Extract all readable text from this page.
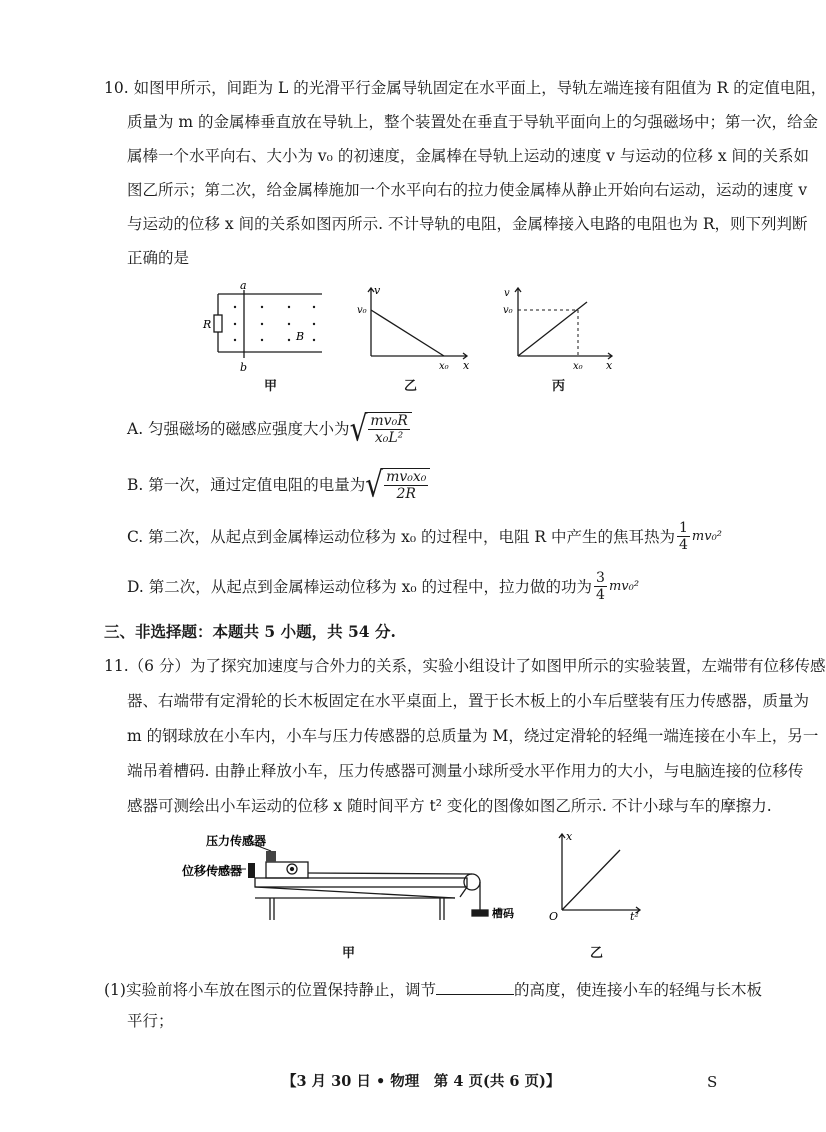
10. 如图甲所示，间距为 L 的光滑平行金属导轨固定在水平面上，导轨左端连接有阻值为 R 的定值电阻，
质量为 m 的金属棒垂直放在导轨上，整个装置处在垂直于导轨平面向上的匀强磁场中；第一次，给金
属棒一个水平向右、大小为 v₀ 的初速度，金属棒在导轨上运动的速度 v 与运动的位移 x 间的关系如
图乙所示；第二次，给金属棒施加一个水平向右的拉力使金属棒从静止开始向右运动，运动的速度 v
与运动的位移 x 间的关系如图丙所示. 不计导轨的电阻，金属棒接入电路的电阻也为 R，则下列判断
正确的是
a
b
R
B
甲
v
v₀
x₀ x
乙
v
v₀
x₀ x
丙
A. 匀强磁场的磁感应强度大小为 √ $\frac{\text{mv₀R}}{\text{x₀L²}}$
B. 第一次，通过定值电阻的电量为 √ $\frac{\text{mv₀x₀}}{2R}$
C. 第二次，从起点到金属棒运动位移为 x₀ 的过程中，电阻 R 中产生的焦耳热为 $\frac{1}{4} mv_0^2$
D. 第二次，从起点到金属棒运动位移为 x₀ 的过程中，拉力做的功为 $\frac{3}{4} mv_0^2$
三、非选择题：本题共 5 小题，共 54 分.
11.（6 分）为了探究加速度与合外力的关系，实验小组设计了如图甲所示的实验装置，左端带有位移传感
器、右端带有定滑轮的长木板固定在水平桌面上，置于长木板上的小车后壁装有压力传感器，质量为
m 的钢球放在小车内，小车与压力传感器的总质量为 M，绕过定滑轮的轻绳一端连接在小车上，另一
端吊着槽码. 由静止释放小车，压力传感器可测量小球所受水平作用力的大小，与电脑连接的位移传
感器可测绘出小车运动的位移 x 随时间平方 t² 变化的图像如图乙所示. 不计小球与车的摩擦力.
压力传感器
位移传感器
槽码
甲
x
O	t²
乙
(1)实验前将小车放在图示的位置保持静止，调节	的高度，使连接小车的轻绳与长木板
平行；
【3 月 30 日 • 物理　第 4 页(共 6 页)】	S
